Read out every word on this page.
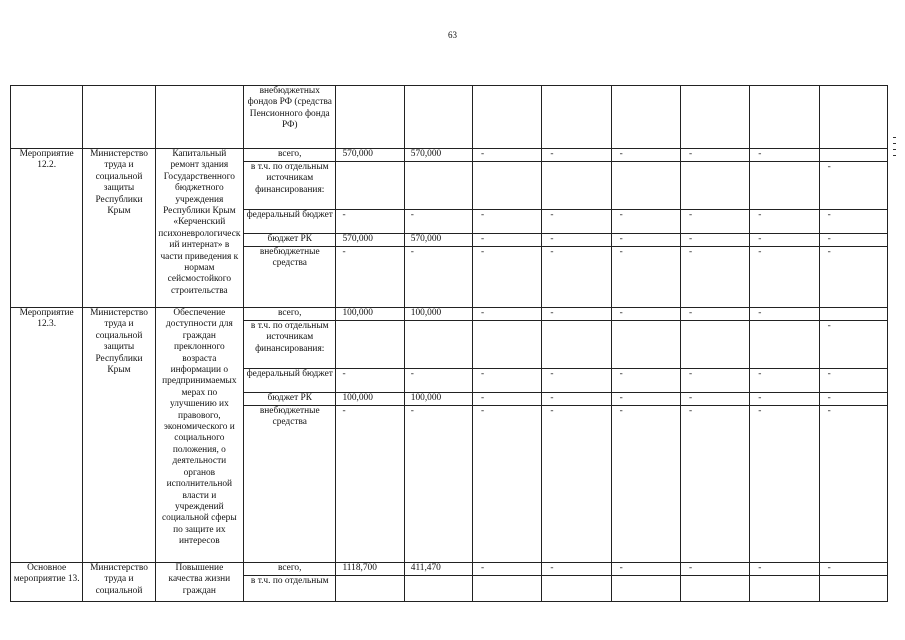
63
			внебюджетных фондов РФ (средства Пенсионного фонда РФ)								
Мероприятие 12.2.	Министерство труда и социальной защиты Республики Крым	Капитальный ремонт здания Государственного бюджетного учреждения Республики Крым «Керченский психоневрологический интернат» в части приведения к нормам сейсмостойкого строительства	всего,	570,000	570,000	-	-	-	-	-	
			в т.ч. по отдельным источникам финансирования:								-
			федеральный бюджет	-	-	-	-	-	-	-	-
			бюджет РК	570,000	570,000	-	-	-	-	-	-
			внебюджетные средства	-	-	-	-	-	-	-	-
Мероприятие 12.3.	Министерство труда и социальной защиты Республики Крым	Обеспечение доступности для граждан преклонного возраста информации о предпринимаемых мерах по улучшению их правового, экономического и социального положения, о деятельности органов исполнительной власти и учреждений социальной сферы по защите их интересов	всего,	100,000	100,000	-	-	-	-	-	
			в т.ч. по отдельным источникам финансирования:								-
			федеральный бюджет	-	-	-	-	-	-	-	-
			бюджет РК	100,000	100,000	-	-	-	-	-	-
			внебюджетные средства	-	-	-	-	-	-	-	-
Основное мероприятие 13.	Министерство труда и социальной	Повышение качества жизни граждан	всего,	1118,700	411,470	-	-	-	-	-	-
			в т.ч. по отдельным								
